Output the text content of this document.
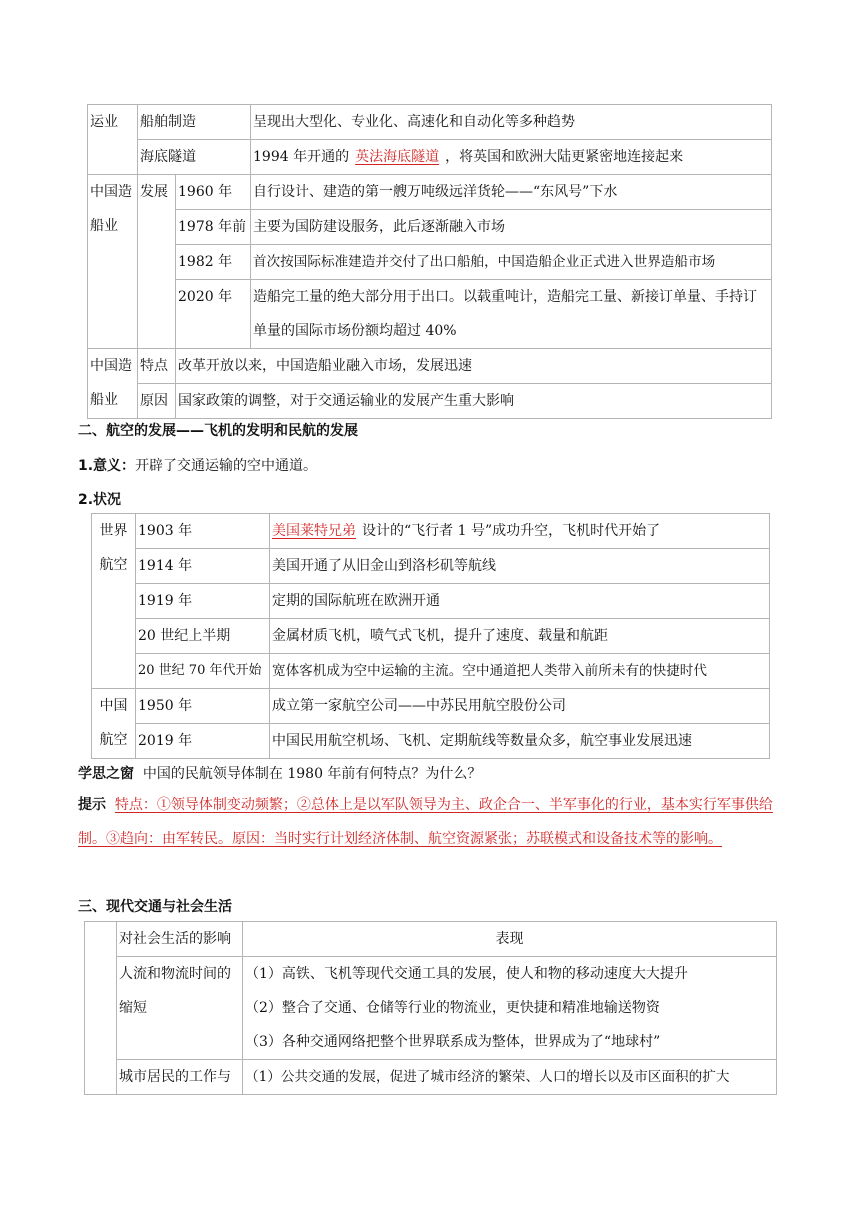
运业	船舶制造		呈现出大型化、专业化、高速化和自动化等多种趋势
	海底隧道		1994 年开通的 英法海底隧道 ，将英国和欧洲大陆更紧密地连接起来
中国造船业	发展	1960 年	自行设计、建造的第一艘万吨级远洋货轮——“东风号”下水
		1978 年前	主要为国防建设服务，此后逐渐融入市场
		1982 年	首次按国际标准建造并交付了出口船舶，中国造船企业正式进入世界造船市场
		2020 年	造船完工量的绝大部分用于出口。以载重吨计，造船完工量、新接订单量、手持订单量的国际市场份额均超过 40%
中国造船业	特点	改革开放以来，中国造船业融入市场，发展迅速	
	原因	国家政策的调整，对于交通运输业的发展产生重大影响	
二、航空的发展——飞机的发明和民航的发展
1.意义：开辟了交通运输的空中通道。
2.状况
世界航空	1903 年	美国莱特兄弟 设计的“飞行者 1 号”成功升空，飞机时代开始了
	1914 年	美国开通了从旧金山到洛杉矶等航线
	1919 年	定期的国际航班在欧洲开通
	20 世纪上半期	金属材质飞机，喷气式飞机，提升了速度、载量和航距
	20 世纪 70 年代开始	宽体客机成为空中运输的主流。空中通道把人类带入前所未有的快捷时代
中国航空	1950 年	成立第一家航空公司——中苏民用航空股份公司
	2019 年	中国民用航空机场、飞机、定期航线等数量众多，航空事业发展迅速
学思之窗 中国的民航领导体制在 1980 年前有何特点？为什么？
提示 特点：①领导体制变动频繁；②总体上是以军队领导为主、政企合一、半军事化的行业，基本实行军事供给制。③趋向：由军转民。原因：当时实行计划经济体制、航空资源紧张；苏联模式和设备技术等的影响。
三、现代交通与社会生活
	对社会生活的影响	表现
	人流和物流时间的缩短	（1）高铁、飞机等现代交通工具的发展，使人和物的移动速度大大提升
（2）整合了交通、仓储等行业的物流业，更快捷和精准地输送物资
（3）各种交通网络把整个世界联系成为整体，世界成为了“地球村”

	城市居民的工作与	（1）公共交通的发展，促进了城市经济的繁荣、人口的增长以及市区面积的扩大
